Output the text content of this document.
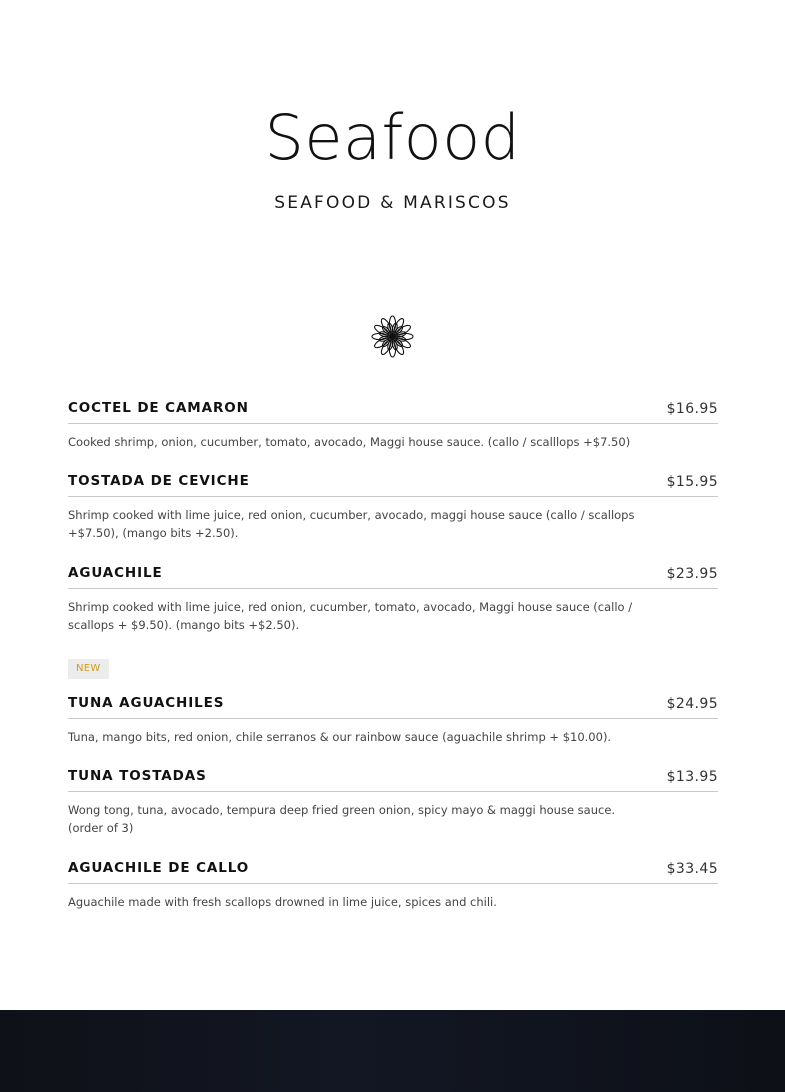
Seafood
SEAFOOD & MARISCOS
COCTEL DE CAMARON	$16.95
Cooked shrimp, onion, cucumber, tomato, avocado, Maggi house sauce. (callo / scalllops +$7.50)
TOSTADA DE CEVICHE	$15.95
Shrimp cooked with lime juice, red onion, cucumber, avocado, maggi house sauce (callo / scallops +$7.50), (mango bits +2.50).
AGUACHILE	$23.95
Shrimp cooked with lime juice, red onion, cucumber, tomato, avocado, Maggi house sauce (callo / scallops + $9.50). (mango bits +$2.50).
NEW
TUNA AGUACHILES	$24.95
Tuna, mango bits, red onion, chile serranos & our rainbow sauce (aguachile shrimp + $10.00).
TUNA TOSTADAS	$13.95
Wong tong, tuna, avocado, tempura deep fried green onion, spicy mayo & maggi house sauce. (order of 3)
AGUACHILE DE CALLO	$33.45
Aguachile made with fresh scallops drowned in lime juice, spices and chili.
